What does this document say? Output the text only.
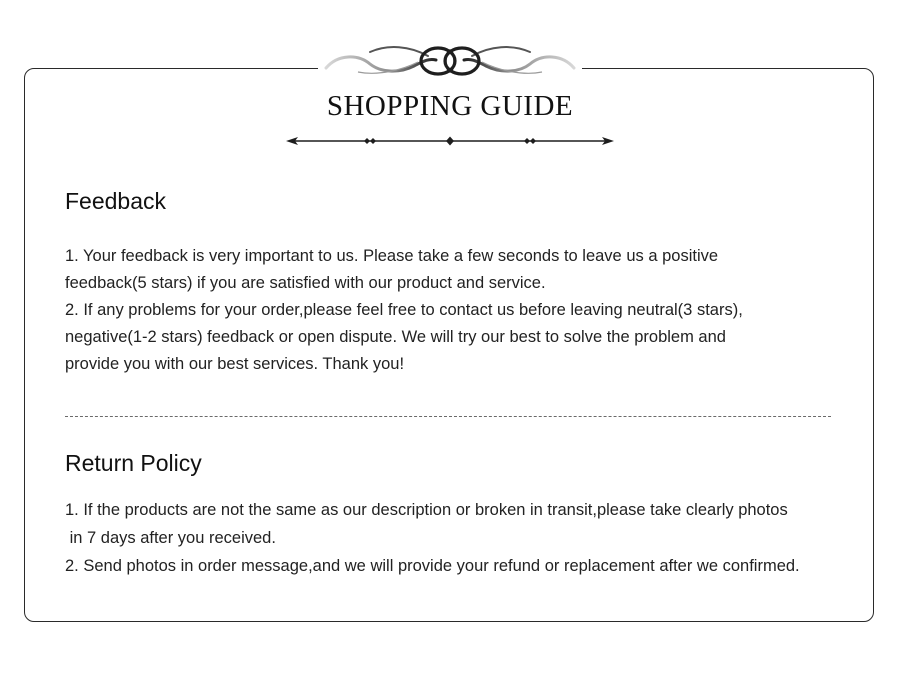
SHOPPING GUIDE
Feedback
1. Your feedback is very important to us. Please take a few seconds to leave us a positive
feedback(5 stars) if you are satisfied with our product and service.
2. If any problems for your order,please feel free to contact us before leaving neutral(3 stars),
negative(1-2 stars) feedback or open dispute. We will try our best to solve the problem and
provide you with our best services. Thank you!
Return Policy
1. If the products are not the same as our description or broken in transit,please take clearly photos
in 7 days after you received.
2. Send photos in order message,and we will provide your refund or replacement after we confirmed.
